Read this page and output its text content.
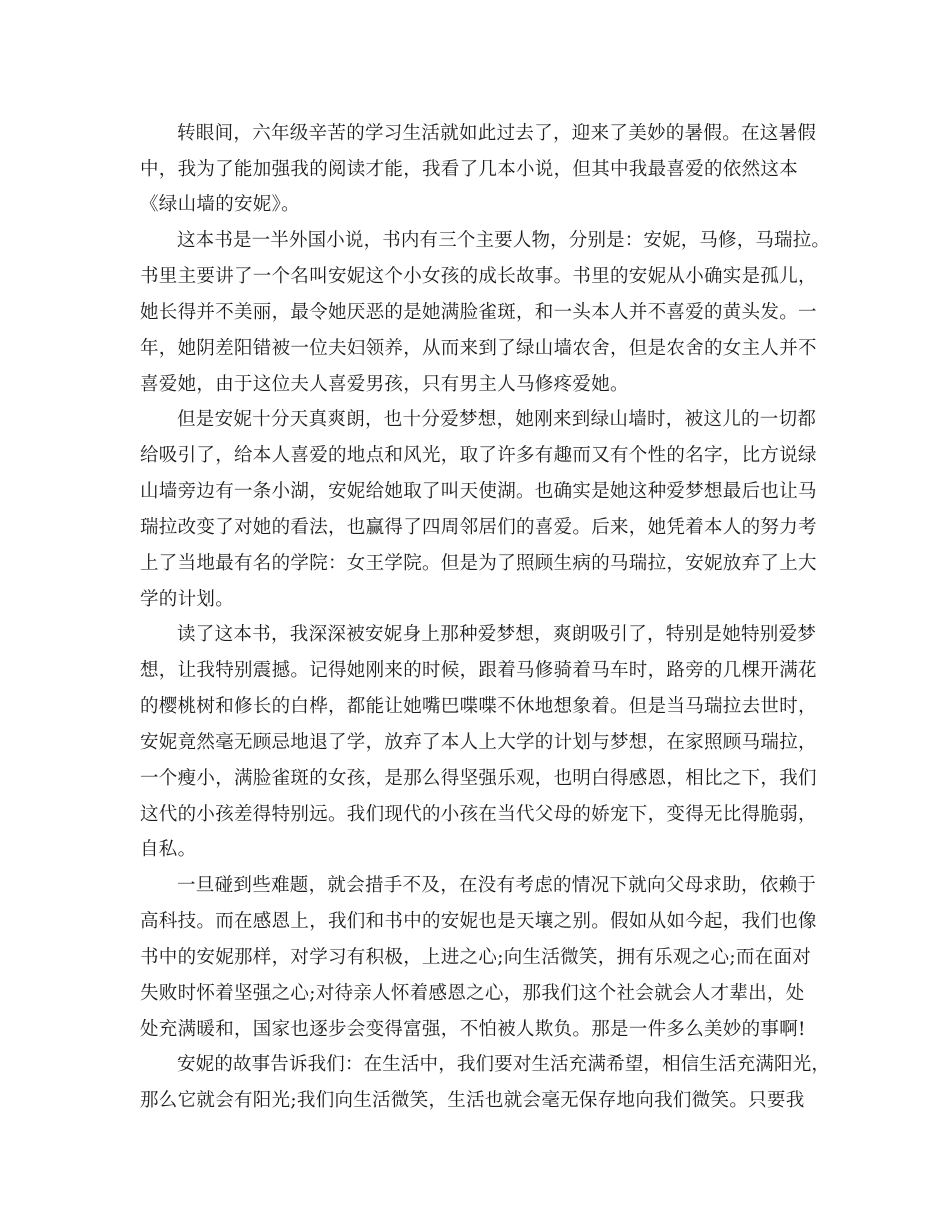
转眼间，六年级辛苦的学习生活就如此过去了，迎来了美妙的暑假。在这暑假
中，我为了能加强我的阅读才能，我看了几本小说，但其中我最喜爱的依然这本
《绿山墙的安妮》。
这本书是一半外国小说，书内有三个主要人物，分别是：安妮，马修，马瑞拉。
书里主要讲了一个名叫安妮这个小女孩的成长故事。书里的安妮从小确实是孤儿，
她长得并不美丽，最令她厌恶的是她满脸雀斑，和一头本人并不喜爱的黄头发。一
年，她阴差阳错被一位夫妇领养，从而来到了绿山墙农舍，但是农舍的女主人并不
喜爱她，由于这位夫人喜爱男孩，只有男主人马修疼爱她。
但是安妮十分天真爽朗，也十分爱梦想，她刚来到绿山墙时，被这儿的一切都
给吸引了，给本人喜爱的地点和风光，取了许多有趣而又有个性的名字，比方说绿
山墙旁边有一条小湖，安妮给她取了叫天使湖。也确实是她这种爱梦想最后也让马
瑞拉改变了对她的看法，也赢得了四周邻居们的喜爱。后来，她凭着本人的努力考
上了当地最有名的学院：女王学院。但是为了照顾生病的马瑞拉，安妮放弃了上大
学的计划。
读了这本书，我深深被安妮身上那种爱梦想，爽朗吸引了，特别是她特别爱梦
想，让我特别震撼。记得她刚来的时候，跟着马修骑着马车时，路旁的几棵开满花
的樱桃树和修长的白桦，都能让她嘴巴喋喋不休地想象着。但是当马瑞拉去世时，
安妮竟然毫无顾忌地退了学，放弃了本人上大学的计划与梦想，在家照顾马瑞拉，
一个瘦小，满脸雀斑的女孩，是那么得坚强乐观，也明白得感恩，相比之下，我们
这代的小孩差得特别远。我们现代的小孩在当代父母的娇宠下，变得无比得脆弱，
自私。
一旦碰到些难题，就会措手不及，在没有考虑的情况下就向父母求助，依赖于
高科技。而在感恩上，我们和书中的安妮也是天壤之别。假如从如今起，我们也像
书中的安妮那样，对学习有积极，上进之心;向生活微笑，拥有乐观之心;而在面对
失败时怀着坚强之心;对待亲人怀着感恩之心，那我们这个社会就会人才辈出，处
处充满暖和，国家也逐步会变得富强，不怕被人欺负。那是一件多么美妙的事啊!
安妮的故事告诉我们：在生活中，我们要对生活充满希望，相信生活充满阳光，
那么它就会有阳光;我们向生活微笑，生活也就会毫无保存地向我们微笑。只要我
